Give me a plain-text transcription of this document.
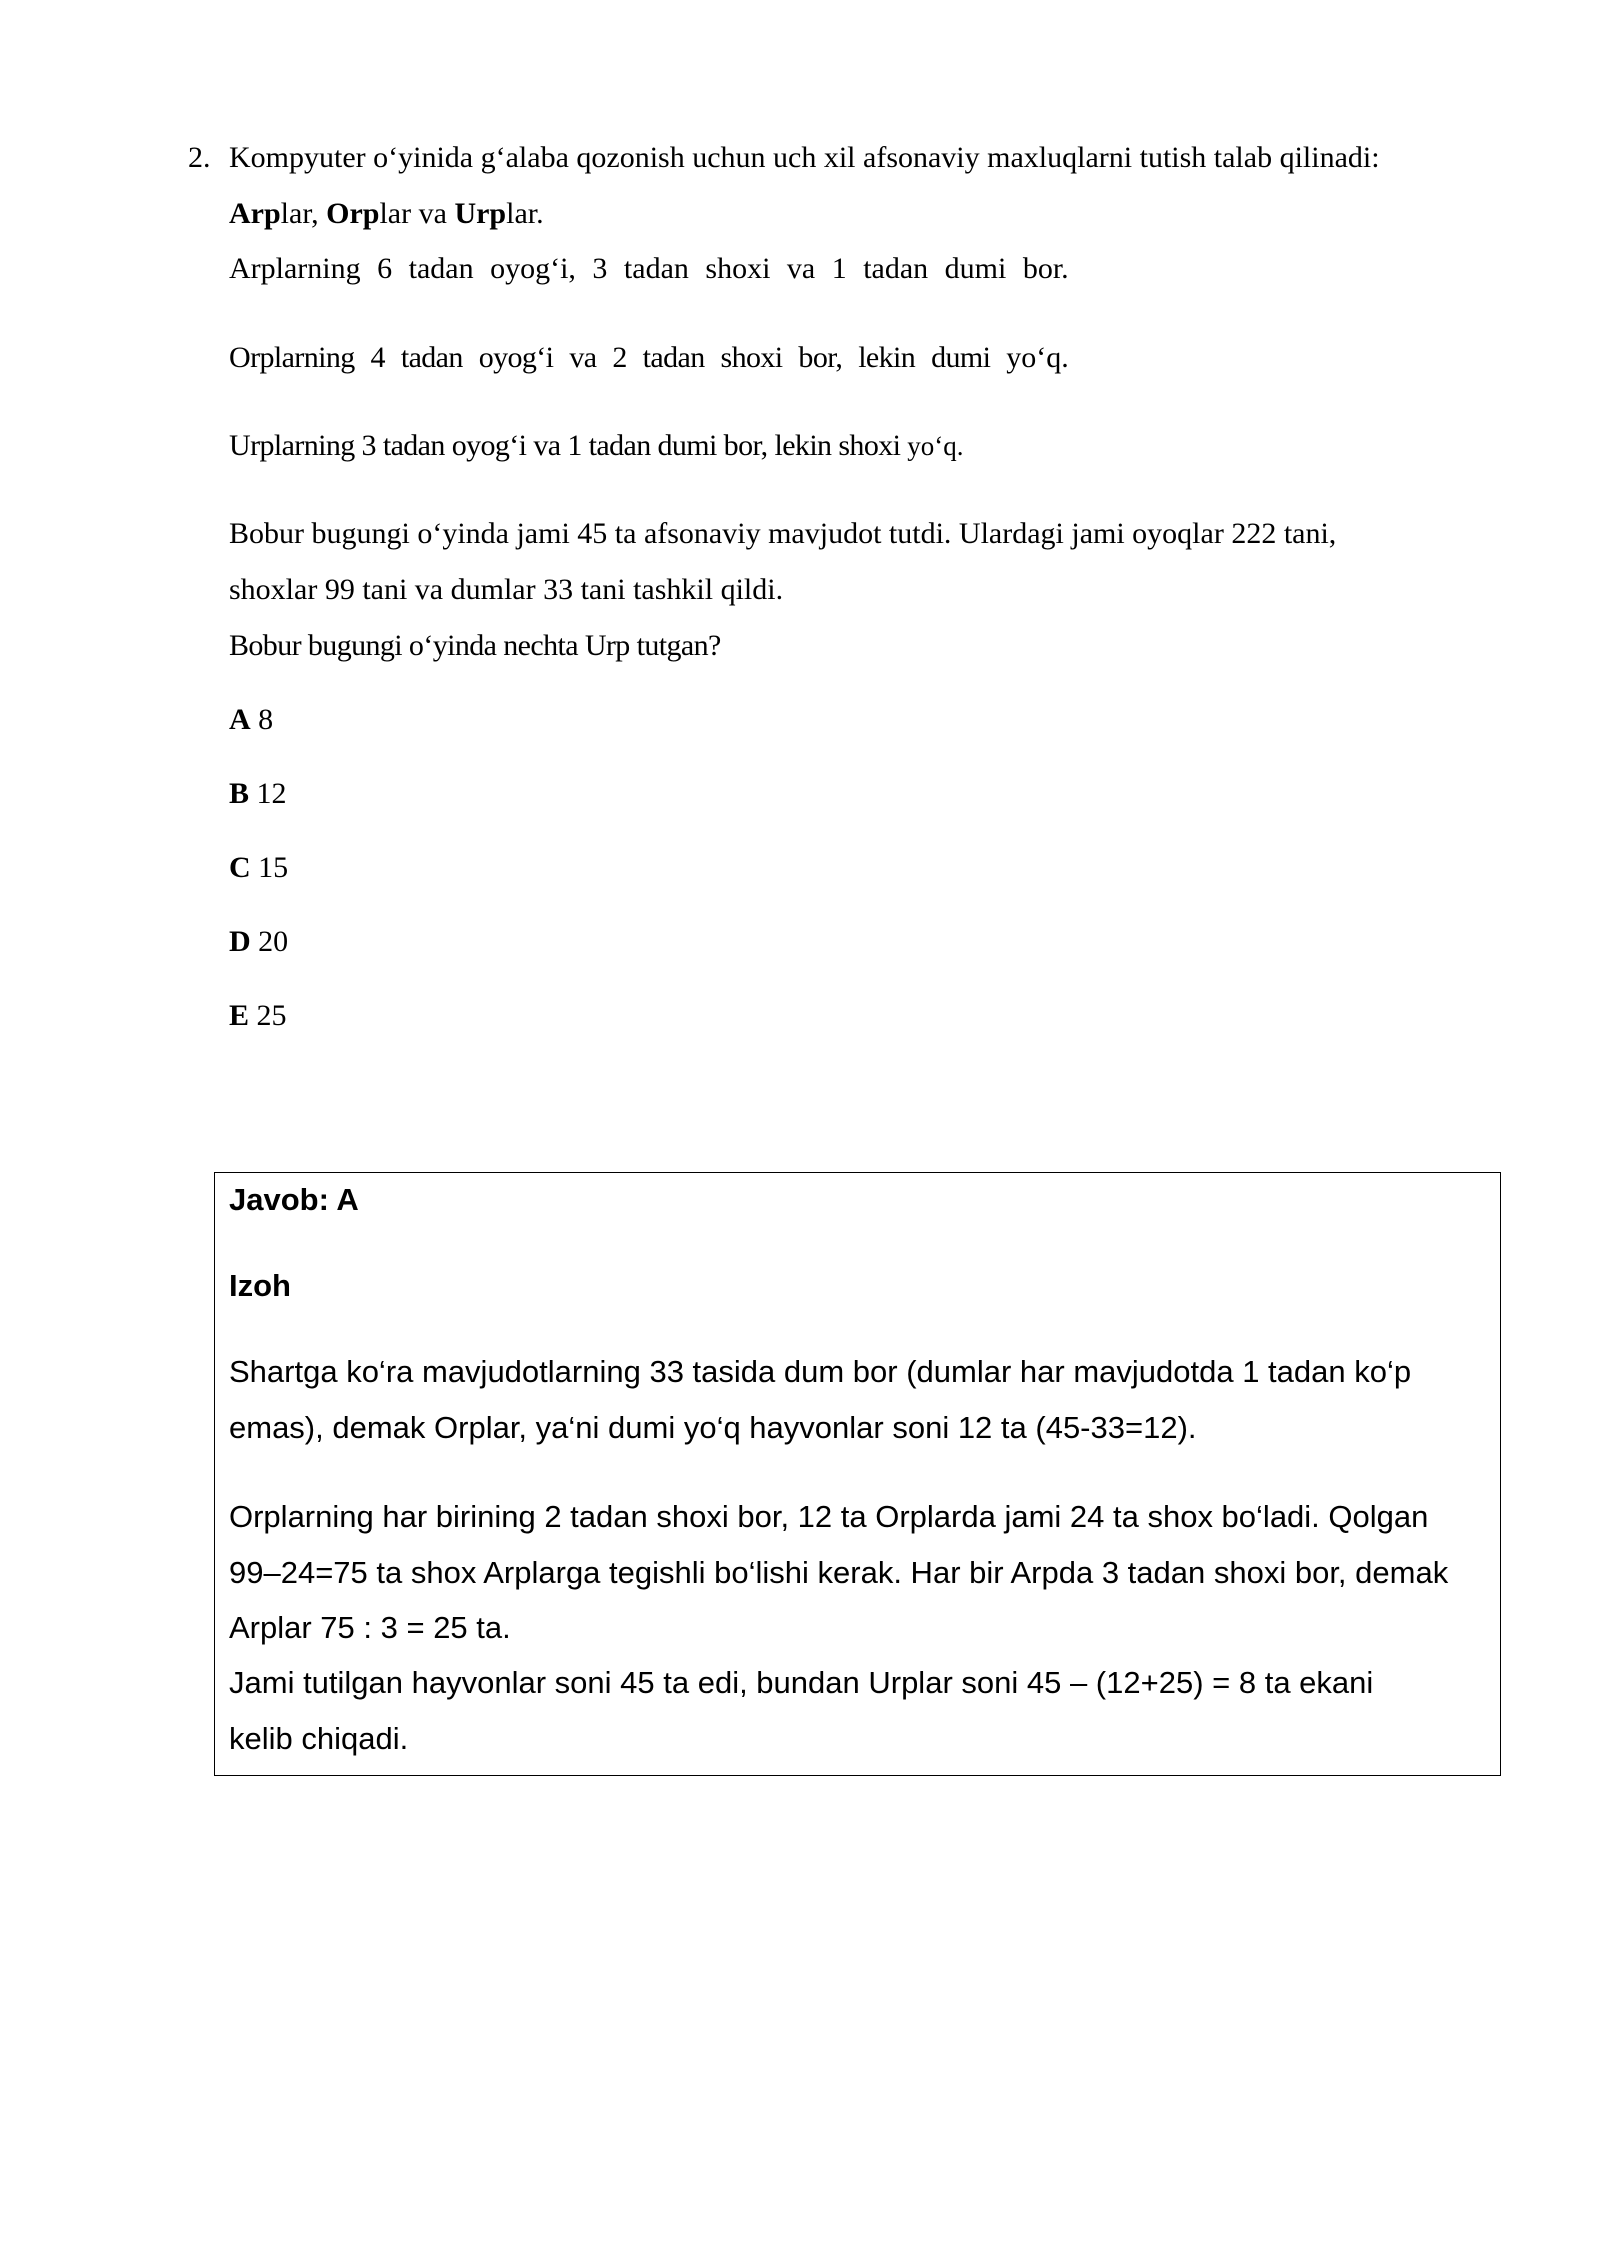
2. Kompyuter o‘yinida g‘alaba qozonish uchun uch xil afsonaviy maxluqlarni tutish talab qilinadi:
Arplar, Orplar va Urplar.
Arplarning 6 tadan oyog‘i, 3 tadan shoxi va 1 tadan dumi bor.
Orplarning 4 tadan oyog‘i va 2 tadan shoxi bor, lekin dumi yo‘q.
Urplarning 3 tadan oyog‘i va 1 tadan dumi bor, lekin shoxi yo‘q.
Bobur bugungi o‘yinda jami 45 ta afsonaviy mavjudot tutdi. Ulardagi jami oyoqlar 222 tani,
shoxlar 99 tani va dumlar 33 tani tashkil qildi.
Bobur bugungi o‘yinda nechta Urp tutgan?
A 8
B 12
C 15
D 20
E 25
Javob: A
Izoh
Shartga ko‘ra mavjudotlarning 33 tasida dum bor (dumlar har mavjudotda 1 tadan ko‘p
emas), demak Orplar, ya‘ni dumi yo‘q hayvonlar soni 12 ta (45-33=12).
Orplarning har birining 2 tadan shoxi bor, 12 ta Orplarda jami 24 ta shox bo‘ladi. Qolgan
99–24=75 ta shox Arplarga tegishli bo‘lishi kerak. Har bir Arpda 3 tadan shoxi bor, demak
Arplar 75 : 3 = 25 ta.
Jami tutilgan hayvonlar soni 45 ta edi, bundan Urplar soni 45 – (12+25) = 8 ta ekani
kelib chiqadi.
